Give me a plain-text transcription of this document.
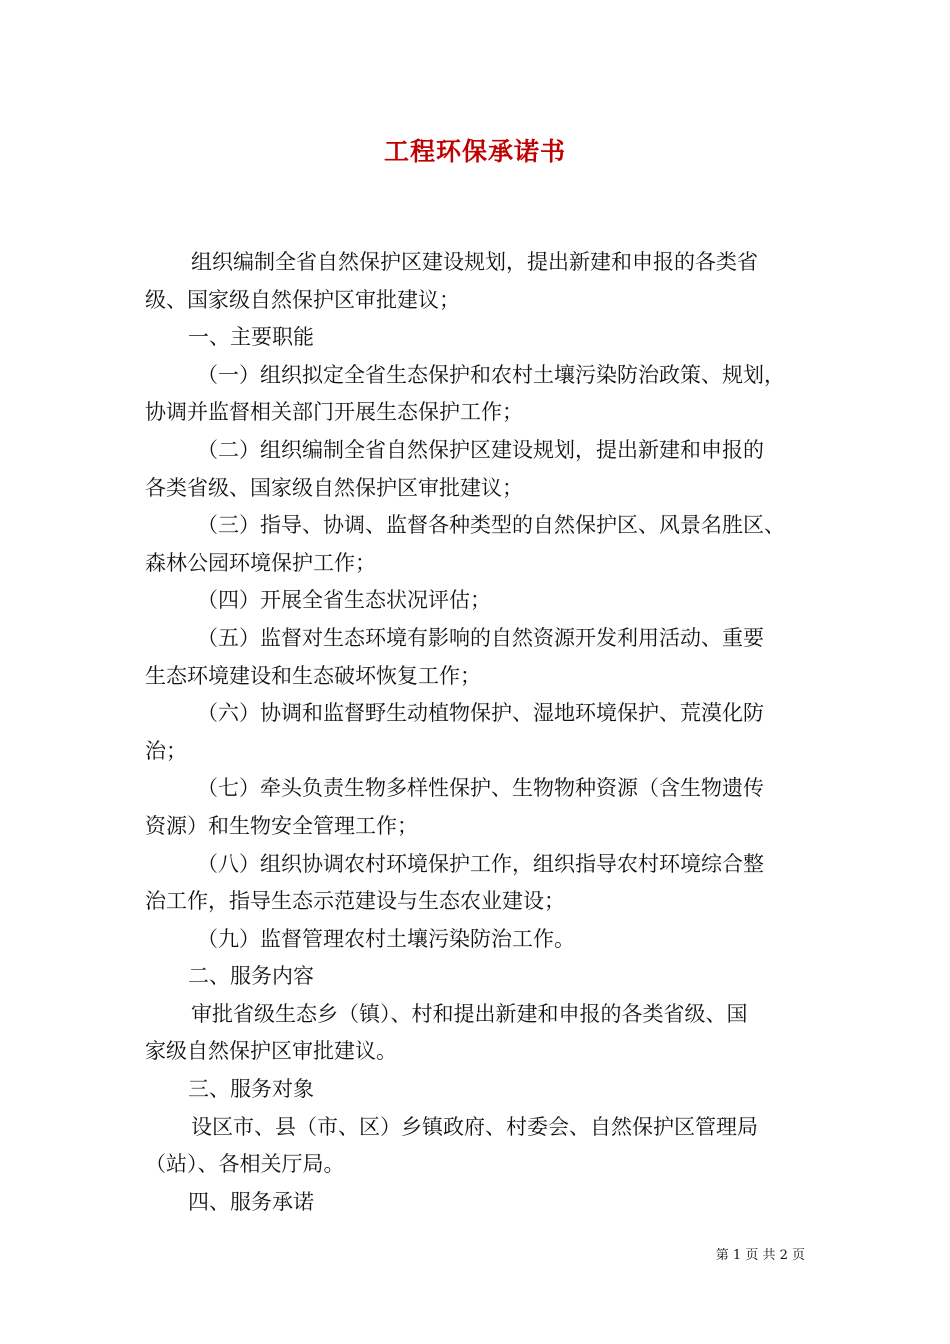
工程环保承诺书
组织编制全省自然保护区建设规划，提出新建和申报的各类省
级、国家级自然保护区审批建议；
一、主要职能
（一）组织拟定全省生态保护和农村土壤污染防治政策、规划，
协调并监督相关部门开展生态保护工作；
（二）组织编制全省自然保护区建设规划，提出新建和申报的
各类省级、国家级自然保护区审批建议；
（三）指导、协调、监督各种类型的自然保护区、风景名胜区、
森林公园环境保护工作；
（四）开展全省生态状况评估；
（五）监督对生态环境有影响的自然资源开发利用活动、重要
生态环境建设和生态破坏恢复工作；
（六）协调和监督野生动植物保护、湿地环境保护、荒漠化防
治；
（七）牵头负责生物多样性保护、生物物种资源（含生物遗传
资源）和生物安全管理工作；
（八）组织协调农村环境保护工作，组织指导农村环境综合整
治工作，指导生态示范建设与生态农业建设；
（九）监督管理农村土壤污染防治工作。
二、服务内容
审批省级生态乡（镇）、村和提出新建和申报的各类省级、国
家级自然保护区审批建议。
三、服务对象
设区市、县（市、区）乡镇政府、村委会、自然保护区管理局
（站）、各相关厅局。
四、服务承诺
第 1 页 共 2 页
